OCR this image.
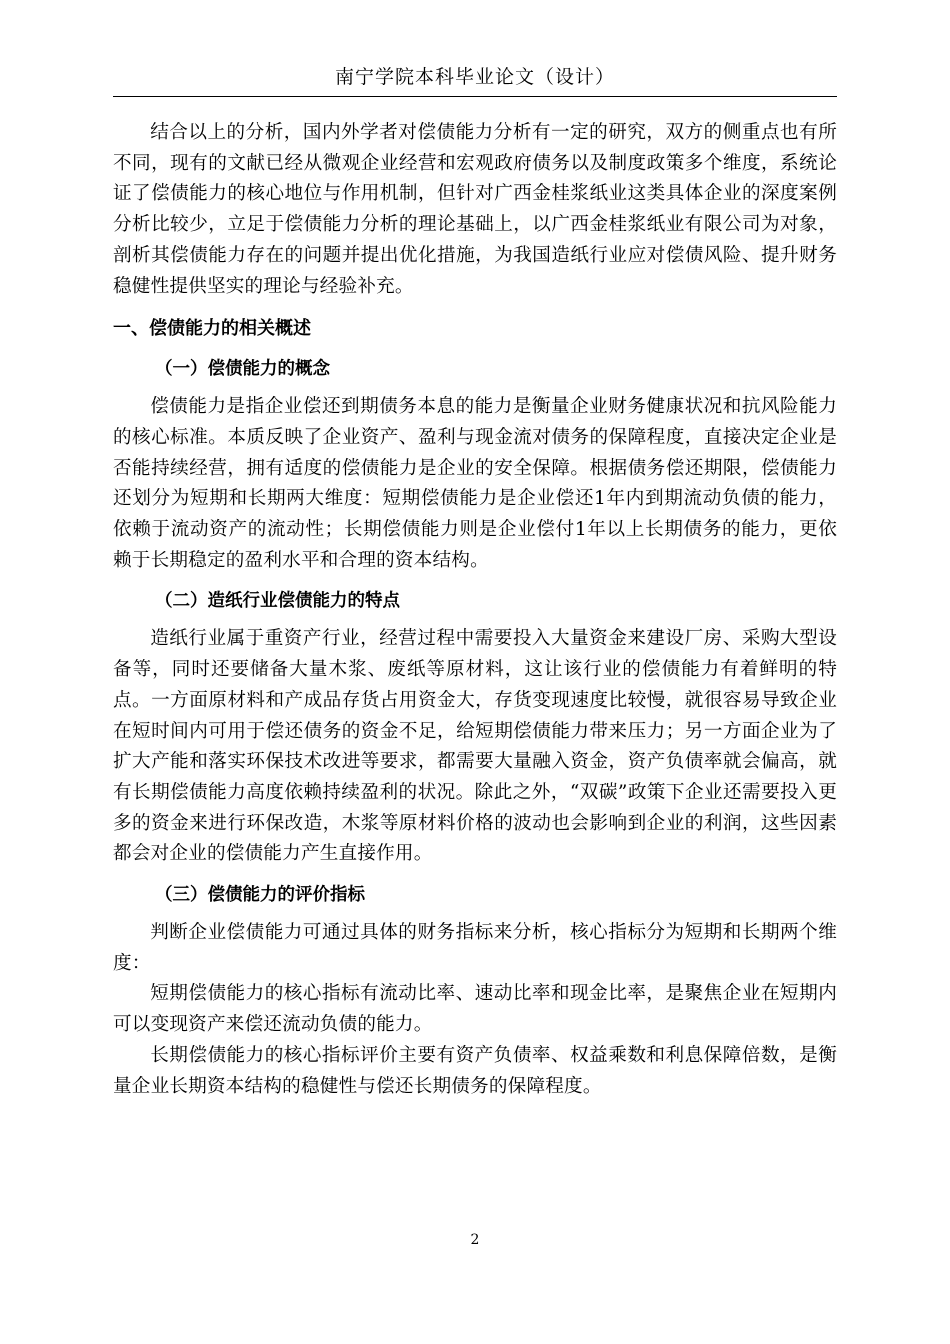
南宁学院本科毕业论文（设计）

结合以上的分析，国内外学者对偿债能力分析有一定的研究，双方的侧重点也有所不同，现有的文献已经从微观企业经营和宏观政府债务以及制度政策多个维度，系统论证了偿债能力的核心地位与作用机制，但针对广西金桂浆纸业这类具体企业的深度案例分析比较少，立足于偿债能力分析的理论基础上，以广西金桂浆纸业有限公司为对象，剖析其偿债能力存在的问题并提出优化措施，为我国造纸行业应对偿债风险、提升财务稳健性提供坚实的理论与经验补充。

一、偿债能力的相关概述
（一）偿债能力的概念

偿债能力是指企业偿还到期债务本息的能力是衡量企业财务健康状况和抗风险能力的核心标准。本质反映了企业资产、盈利与现金流对债务的保障程度，直接决定企业是否能持续经营，拥有适度的偿债能力是企业的安全保障。根据债务偿还期限，偿债能力还划分为短期和长期两大维度：短期偿债能力是企业偿还1年内到期流动负债的能力，依赖于流动资产的流动性；长期偿债能力则是企业偿付1年以上长期债务的能力，更依赖于长期稳定的盈利水平和合理的资本结构。

（二）造纸行业偿债能力的特点

造纸行业属于重资产行业，经营过程中需要投入大量资金来建设厂房、采购大型设备等，同时还要储备大量木浆、废纸等原材料，这让该行业的偿债能力有着鲜明的特点。一方面原材料和产成品存货占用资金大，存货变现速度比较慢，就很容易导致企业在短时间内可用于偿还债务的资金不足，给短期偿债能力带来压力；另一方面企业为了扩大产能和落实环保技术改进等要求，都需要大量融入资金，资产负债率就会偏高，就有长期偿债能力高度依赖持续盈利的状况。除此之外，“双碳”政策下企业还需要投入更多的资金来进行环保改造，木浆等原材料价格的波动也会影响到企业的利润，这些因素都会对企业的偿债能力产生直接作用。

（三）偿债能力的评价指标

判断企业偿债能力可通过具体的财务指标来分析，核心指标分为短期和长期两个维度：

短期偿债能力的核心指标有流动比率、速动比率和现金比率，是聚焦企业在短期内可以变现资产来偿还流动负债的能力。

长期偿债能力的核心指标评价主要有资产负债率、权益乘数和利息保障倍数，是衡量企业长期资本结构的稳健性与偿还长期债务的保障程度。

2
